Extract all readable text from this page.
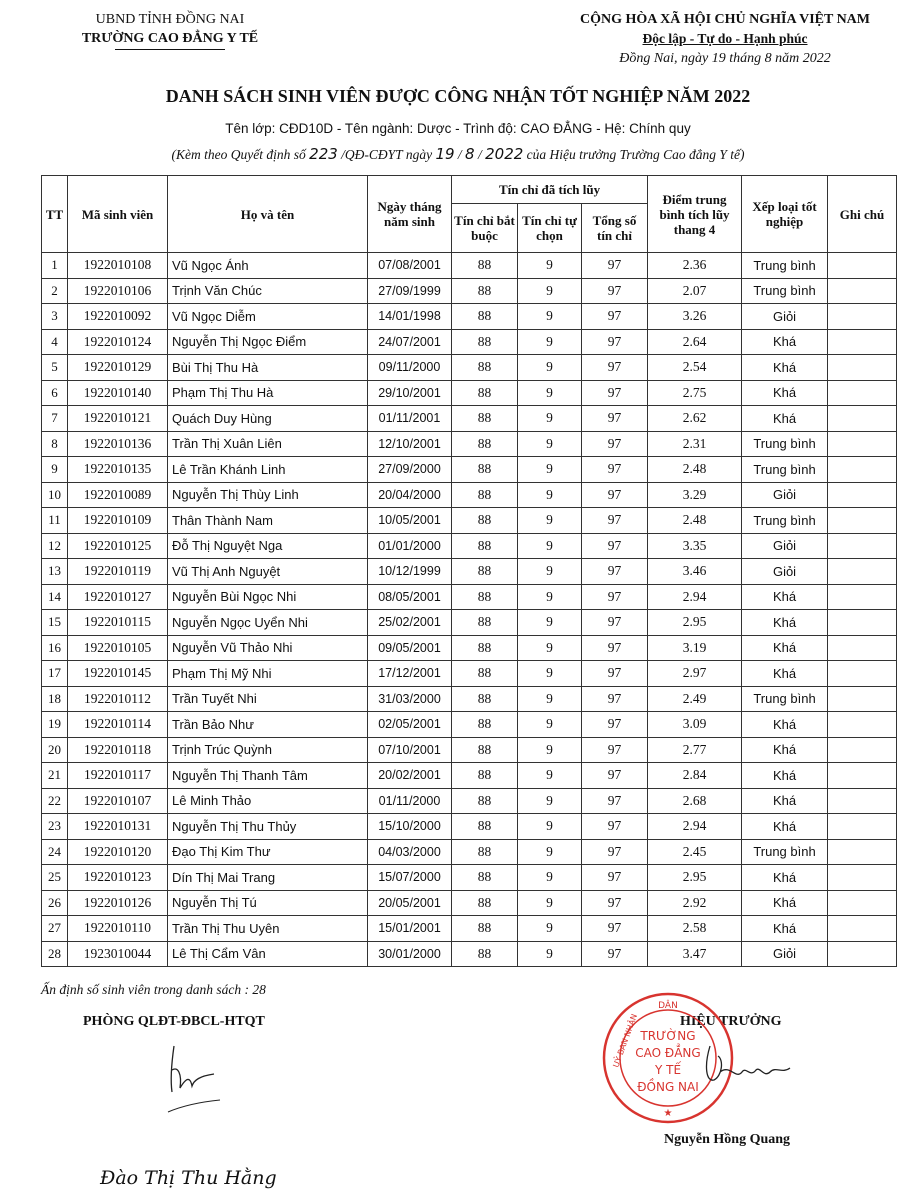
UBND TỈNH ĐỒNG NAI
TRƯỜNG CAO ĐẲNG Y TẾ
CỘNG HÒA XÃ HỘI CHỦ NGHĨA VIỆT NAM
Độc lập - Tự do - Hạnh phúc
Đồng Nai, ngày 19 tháng 8 năm 2022
DANH SÁCH SINH VIÊN ĐƯỢC CÔNG NHẬN TỐT NGHIỆP NĂM 2022
Tên lớp: CĐD10D - Tên ngành: Dược - Trình độ: CAO ĐẲNG - Hệ: Chính quy
(Kèm theo Quyết định số 223 /QĐ-CĐYT ngày 19 / 8 / 2022 của Hiệu trưởng Trường Cao đẳng Y tế)
TT	Mã sinh viên	Họ và tên	Ngày tháng năm sinh	Tín chỉ đã tích lũy			Điểm trung bình tích lũy thang 4	Xếp loại tốt nghiệp	Ghi chú
				Tín chỉ bắt buộc	Tín chỉ tự chọn	Tổng số tín chỉ			
1	1922010108	Vũ Ngọc Ánh	07/08/2001	88	9	97	2.36	Trung bình	
2	1922010106	Trịnh Văn Chúc	27/09/1999	88	9	97	2.07	Trung bình	
3	1922010092	Vũ Ngọc Diễm	14/01/1998	88	9	97	3.26	Giỏi	
4	1922010124	Nguyễn Thị Ngọc Điểm	24/07/2001	88	9	97	2.64	Khá	
5	1922010129	Bùi Thị Thu Hà	09/11/2000	88	9	97	2.54	Khá	
6	1922010140	Phạm Thị Thu Hà	29/10/2001	88	9	97	2.75	Khá	
7	1922010121	Quách Duy Hùng	01/11/2001	88	9	97	2.62	Khá	
8	1922010136	Trần Thị Xuân Liên	12/10/2001	88	9	97	2.31	Trung bình	
9	1922010135	Lê Trần Khánh Linh	27/09/2000	88	9	97	2.48	Trung bình	
10	1922010089	Nguyễn Thị Thùy Linh	20/04/2000	88	9	97	3.29	Giỏi	
11	1922010109	Thân Thành Nam	10/05/2001	88	9	97	2.48	Trung bình	
12	1922010125	Đỗ Thị Nguyệt Nga	01/01/2000	88	9	97	3.35	Giỏi	
13	1922010119	Vũ Thị Anh Nguyệt	10/12/1999	88	9	97	3.46	Giỏi	
14	1922010127	Nguyễn Bùi Ngọc Nhi	08/05/2001	88	9	97	2.94	Khá	
15	1922010115	Nguyễn Ngọc Uyển Nhi	25/02/2001	88	9	97	2.95	Khá	
16	1922010105	Nguyễn Vũ Thảo Nhi	09/05/2001	88	9	97	3.19	Khá	
17	1922010145	Phạm Thị Mỹ Nhi	17/12/2001	88	9	97	2.97	Khá	
18	1922010112	Trần Tuyết Nhi	31/03/2000	88	9	97	2.49	Trung bình	
19	1922010114	Trần Bảo Như	02/05/2001	88	9	97	3.09	Khá	
20	1922010118	Trịnh Trúc Quỳnh	07/10/2001	88	9	97	2.77	Khá	
21	1922010117	Nguyễn Thị Thanh Tâm	20/02/2001	88	9	97	2.84	Khá	
22	1922010107	Lê Minh Thảo	01/11/2000	88	9	97	2.68	Khá	
23	1922010131	Nguyễn Thị Thu Thủy	15/10/2000	88	9	97	2.94	Khá	
24	1922010120	Đạo Thị Kim Thư	04/03/2000	88	9	97	2.45	Trung bình	
25	1922010123	Dín Thị Mai Trang	15/07/2000	88	9	97	2.95	Khá	
26	1922010126	Nguyễn Thị Tú	20/05/2001	88	9	97	2.92	Khá	
27	1922010110	Trần Thị Thu Uyên	15/01/2001	88	9	97	2.58	Khá	
28	1923010044	Lê Thị Cẩm Vân	30/01/2000	88	9	97	3.47	Giỏi	
Ấn định số sinh viên trong danh sách : 28
PHÒNG QLĐT-ĐBCL-HTQT
Đào Thị Thu Hằng
HIỆU TRƯỞNG
DÂN
UỶ BAN NHÂN TRƯỜNG
CAO ĐẲNG
Y TẾ
ĐỒNG NAI
★
Nguyễn Hồng Quang
